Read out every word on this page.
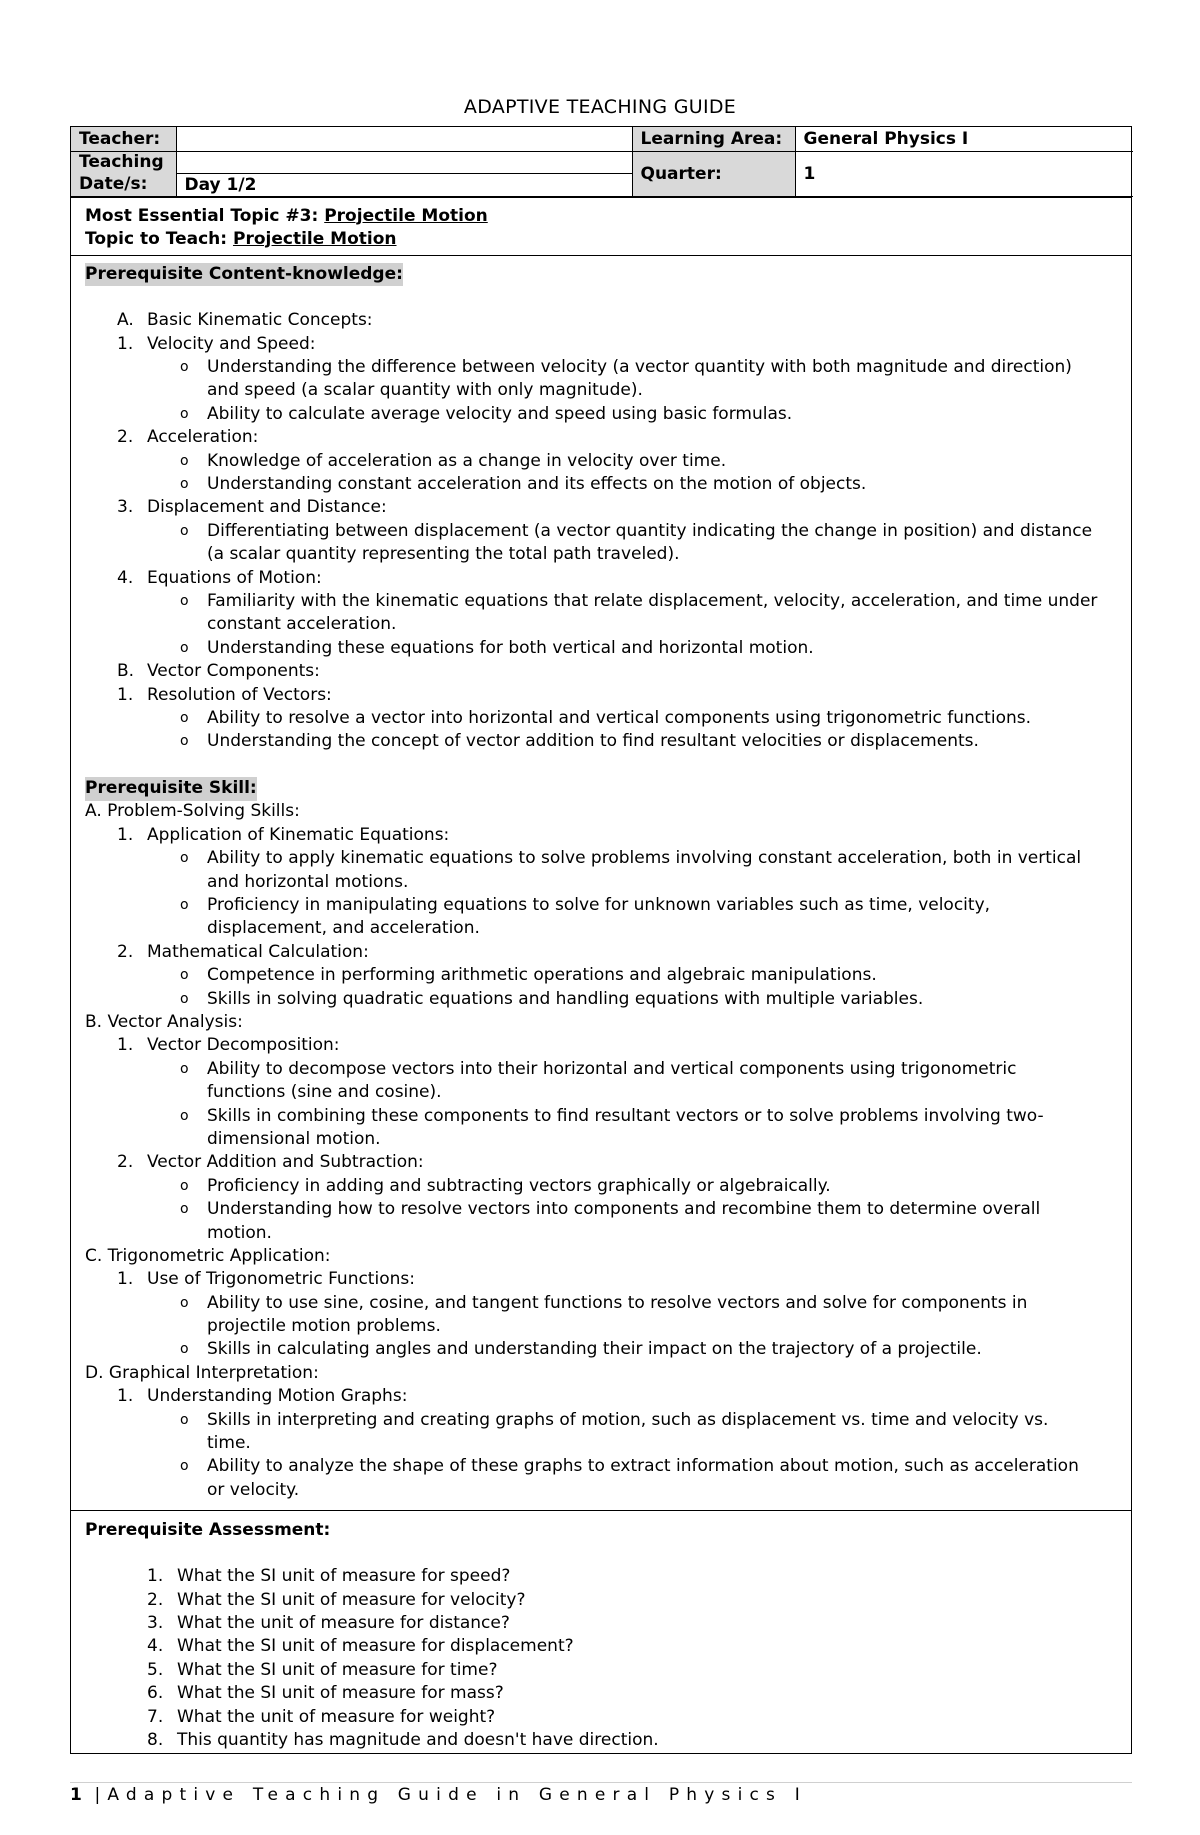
ADAPTIVE TEACHING GUIDE
Teacher:		Learning Area:	General Physics I
Teaching		Quarter:	1
Date/s:	Day 1/2		
Most Essential Topic #3: Projectile Motion
Topic to Teach: Projectile Motion
Prerequisite Content-knowledge:
A. Basic Kinematic Concepts:
1. Velocity and Speed:
o Understanding the difference between velocity (a vector quantity with both magnitude and direction)
and speed (a scalar quantity with only magnitude).
o Ability to calculate average velocity and speed using basic formulas.
2. Acceleration:
o Knowledge of acceleration as a change in velocity over time.
o Understanding constant acceleration and its effects on the motion of objects.
3. Displacement and Distance:
o Differentiating between displacement (a vector quantity indicating the change in position) and distance
(a scalar quantity representing the total path traveled).
4. Equations of Motion:
o Familiarity with the kinematic equations that relate displacement, velocity, acceleration, and time under
constant acceleration.
o Understanding these equations for both vertical and horizontal motion.
B. Vector Components:
1. Resolution of Vectors:
o Ability to resolve a vector into horizontal and vertical components using trigonometric functions.
o Understanding the concept of vector addition to find resultant velocities or displacements.
Prerequisite Skill:
A. Problem-Solving Skills:
1. Application of Kinematic Equations:
o Ability to apply kinematic equations to solve problems involving constant acceleration, both in vertical
and horizontal motions.
o Proficiency in manipulating equations to solve for unknown variables such as time, velocity,
displacement, and acceleration.
2. Mathematical Calculation:
o Competence in performing arithmetic operations and algebraic manipulations.
o Skills in solving quadratic equations and handling equations with multiple variables.
B. Vector Analysis:
1. Vector Decomposition:
o Ability to decompose vectors into their horizontal and vertical components using trigonometric
functions (sine and cosine).
o Skills in combining these components to find resultant vectors or to solve problems involving two-
dimensional motion.
2. Vector Addition and Subtraction:
o Proficiency in adding and subtracting vectors graphically or algebraically.
o Understanding how to resolve vectors into components and recombine them to determine overall
motion.
C. Trigonometric Application:
1. Use of Trigonometric Functions:
o Ability to use sine, cosine, and tangent functions to resolve vectors and solve for components in
projectile motion problems.
o Skills in calculating angles and understanding their impact on the trajectory of a projectile.
D. Graphical Interpretation:
1. Understanding Motion Graphs:
o Skills in interpreting and creating graphs of motion, such as displacement vs. time and velocity vs.
time.
o Ability to analyze the shape of these graphs to extract information about motion, such as acceleration
or velocity.
Prerequisite Assessment:
1. What the SI unit of measure for speed?
2. What the SI unit of measure for velocity?
3. What the unit of measure for distance?
4. What the SI unit of measure for displacement?
5. What the SI unit of measure for time?
6. What the SI unit of measure for mass?
7. What the unit of measure for weight?
8. This quantity has magnitude and doesn't have direction.
1 |Adaptive Teaching Guide in General Physics I
